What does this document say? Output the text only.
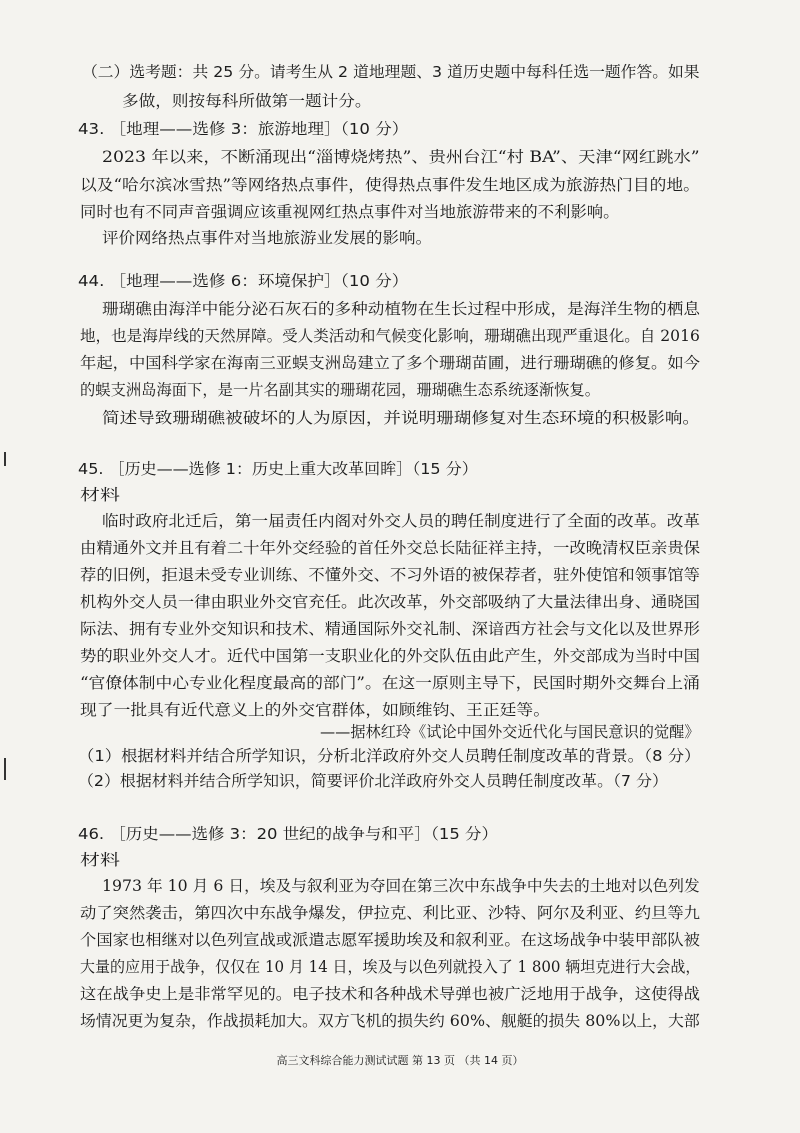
（二）选考题：共 25 分。请考生从 2 道地理题、3 道历史题中每科任选一题作答。如果
多做，则按每科所做第一题计分。
43. ［地理——选修 3：旅游地理］（10 分）
2023 年以来，不断涌现出“淄博烧烤热”、贵州台江“村 BA”、天津“网红跳水”
以及“哈尔滨冰雪热”等网络热点事件，使得热点事件发生地区成为旅游热门目的地。
同时也有不同声音强调应该重视网红热点事件对当地旅游带来的不利影响。
评价网络热点事件对当地旅游业发展的影响。
44. ［地理——选修 6：环境保护］（10 分）
珊瑚礁由海洋中能分泌石灰石的多种动植物在生长过程中形成，是海洋生物的栖息
地，也是海岸线的天然屏障。受人类活动和气候变化影响，珊瑚礁出现严重退化。自 2016
年起，中国科学家在海南三亚蜈支洲岛建立了多个珊瑚苗圃，进行珊瑚礁的修复。如今
的蜈支洲岛海面下，是一片名副其实的珊瑚花园，珊瑚礁生态系统逐渐恢复。
简述导致珊瑚礁被破坏的人为原因，并说明珊瑚修复对生态环境的积极影响。
45. ［历史——选修 1：历史上重大改革回眸］（15 分）
材料
临时政府北迁后，第一届责任内阁对外交人员的聘任制度进行了全面的改革。改革
由精通外文并且有着二十年外交经验的首任外交总长陆征祥主持，一改晚清权臣亲贵保
荐的旧例，拒退未受专业训练、不懂外交、不习外语的被保荐者，驻外使馆和领事馆等
机构外交人员一律由职业外交官充任。此次改革，外交部吸纳了大量法律出身、通晓国
际法、拥有专业外交知识和技术、精通国际外交礼制、深谙西方社会与文化以及世界形
势的职业外交人才。近代中国第一支职业化的外交队伍由此产生，外交部成为当时中国
“官僚体制中心专业化程度最高的部门”。在这一原则主导下，民国时期外交舞台上涌
现了一批具有近代意义上的外交官群体，如顾维钧、王正廷等。
——据林红玲《试论中国外交近代化与国民意识的觉醒》
（1）根据材料并结合所学知识，分析北洋政府外交人员聘任制度改革的背景。（8 分）
（2）根据材料并结合所学知识，简要评价北洋政府外交人员聘任制度改革。（7 分）
46. ［历史——选修 3：20 世纪的战争与和平］（15 分）
材料
1973 年 10 月 6 日，埃及与叙利亚为夺回在第三次中东战争中失去的土地对以色列发
动了突然袭击，第四次中东战争爆发，伊拉克、利比亚、沙特、阿尔及利亚、约旦等九
个国家也相继对以色列宣战或派遣志愿军援助埃及和叙利亚。在这场战争中装甲部队被
大量的应用于战争，仅仅在 10 月 14 日，埃及与以色列就投入了 1 800 辆坦克进行大会战，
这在战争史上是非常罕见的。电子技术和各种战术导弹也被广泛地用于战争，这使得战
场情况更为复杂，作战损耗加大。双方飞机的损失约 60%、舰艇的损失 80%以上，大部
高三文科综合能力测试试题 第 13 页 （共 14 页）
